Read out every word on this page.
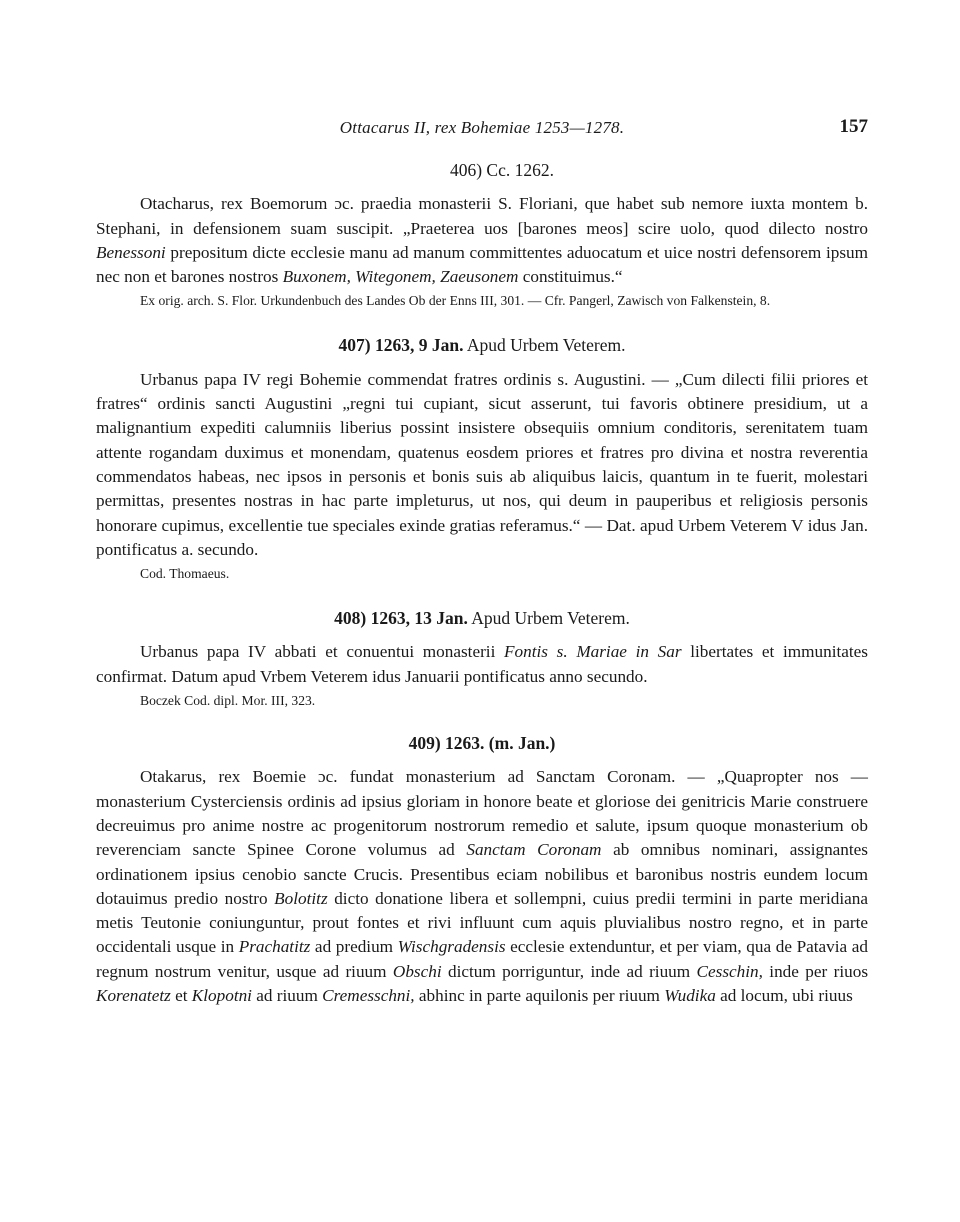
Ottacarus II, rex Bohemiae 1253—1278.	157
406) Cc. 1262.

Otacharus, rex Boemorum ɔc. praedia monasterii S. Floriani, que habet sub nemore iuxta montem b. Stephani, in defensionem suam suscipit. „Praeterea uos [barones meos] scire uolo, quod dilecto nostro Benessoni prepositum dicte ecclesie manu ad manum committentes aduocatum et uice nostri defensorem ipsum nec non et barones nostros Buxonem, Witegonem, Zaeusonem constituimus.“

Ex orig. arch. S. Flor. Urkundenbuch des Landes Ob der Enns III, 301. — Cfr. Pangerl, Zawisch von Falkenstein, 8.

407) 1263, 9 Jan. Apud Urbem Veterem.

Urbanus papa IV regi Bohemie commendat fratres ordinis s. Augustini. — „Cum dilecti filii priores et fratres“ ordinis sancti Augustini „regni tui cupiant, sicut asserunt, tui favoris obtinere presidium, ut a malignantium expediti calumniis liberius possint insistere obsequiis omnium conditoris, serenitatem tuam attente rogandam duximus et monendam, quatenus eosdem priores et fratres pro divina et nostra reverentia commendatos habeas, nec ipsos in personis et bonis suis ab aliquibus laicis, quantum in te fuerit, molestari permittas, presentes nostras in hac parte impleturus, ut nos, qui deum in pauperibus et religiosis personis honorare cupimus, excellentie tue speciales exinde gratias referamus.“ — Dat. apud Urbem Veterem V idus Jan. pontificatus a. secundo.

Cod. Thomaeus.

408) 1263, 13 Jan. Apud Urbem Veterem.

Urbanus papa IV abbati et conuentui monasterii Fontis s. Mariae in Sar libertates et immunitates confirmat. Datum apud Vrbem Veterem idus Januarii pontificatus anno secundo.

Boczek Cod. dipl. Mor. III, 323.

409) 1263. (m. Jan.)

Otakarus, rex Boemie ɔc. fundat monasterium ad Sanctam Coronam. — „Quapropter nos — monasterium Cysterciensis ordinis ad ipsius gloriam in honore beate et gloriose dei genitricis Marie construere decreuimus pro anime nostre ac progenitorum nostrorum remedio et salute, ipsum quoque monasterium ob reverenciam sancte Spinee Corone volumus ad Sanctam Coronam ab omnibus nominari, assignantes ordinationem ipsius cenobio sancte Crucis. Presentibus eciam nobilibus et baronibus nostris eundem locum dotauimus predio nostro Bolotitz dicto donatione libera et sollempni, cuius predii termini in parte meridiana metis Teutonie coniunguntur, prout fontes et rivi influunt cum aquis pluvialibus nostro regno, et in parte occidentali usque in Prachatitz ad predium Wischgradensis ecclesie extenduntur, et per viam, qua de Patavia ad regnum nostrum venitur, usque ad riuum Obschi dictum porriguntur, inde ad riuum Cesschin, inde per riuos Korenatetz et Klopotni ad riuum Cremesschni, abhinc in parte aquilonis per riuum Wudika ad locum, ubi riuus
